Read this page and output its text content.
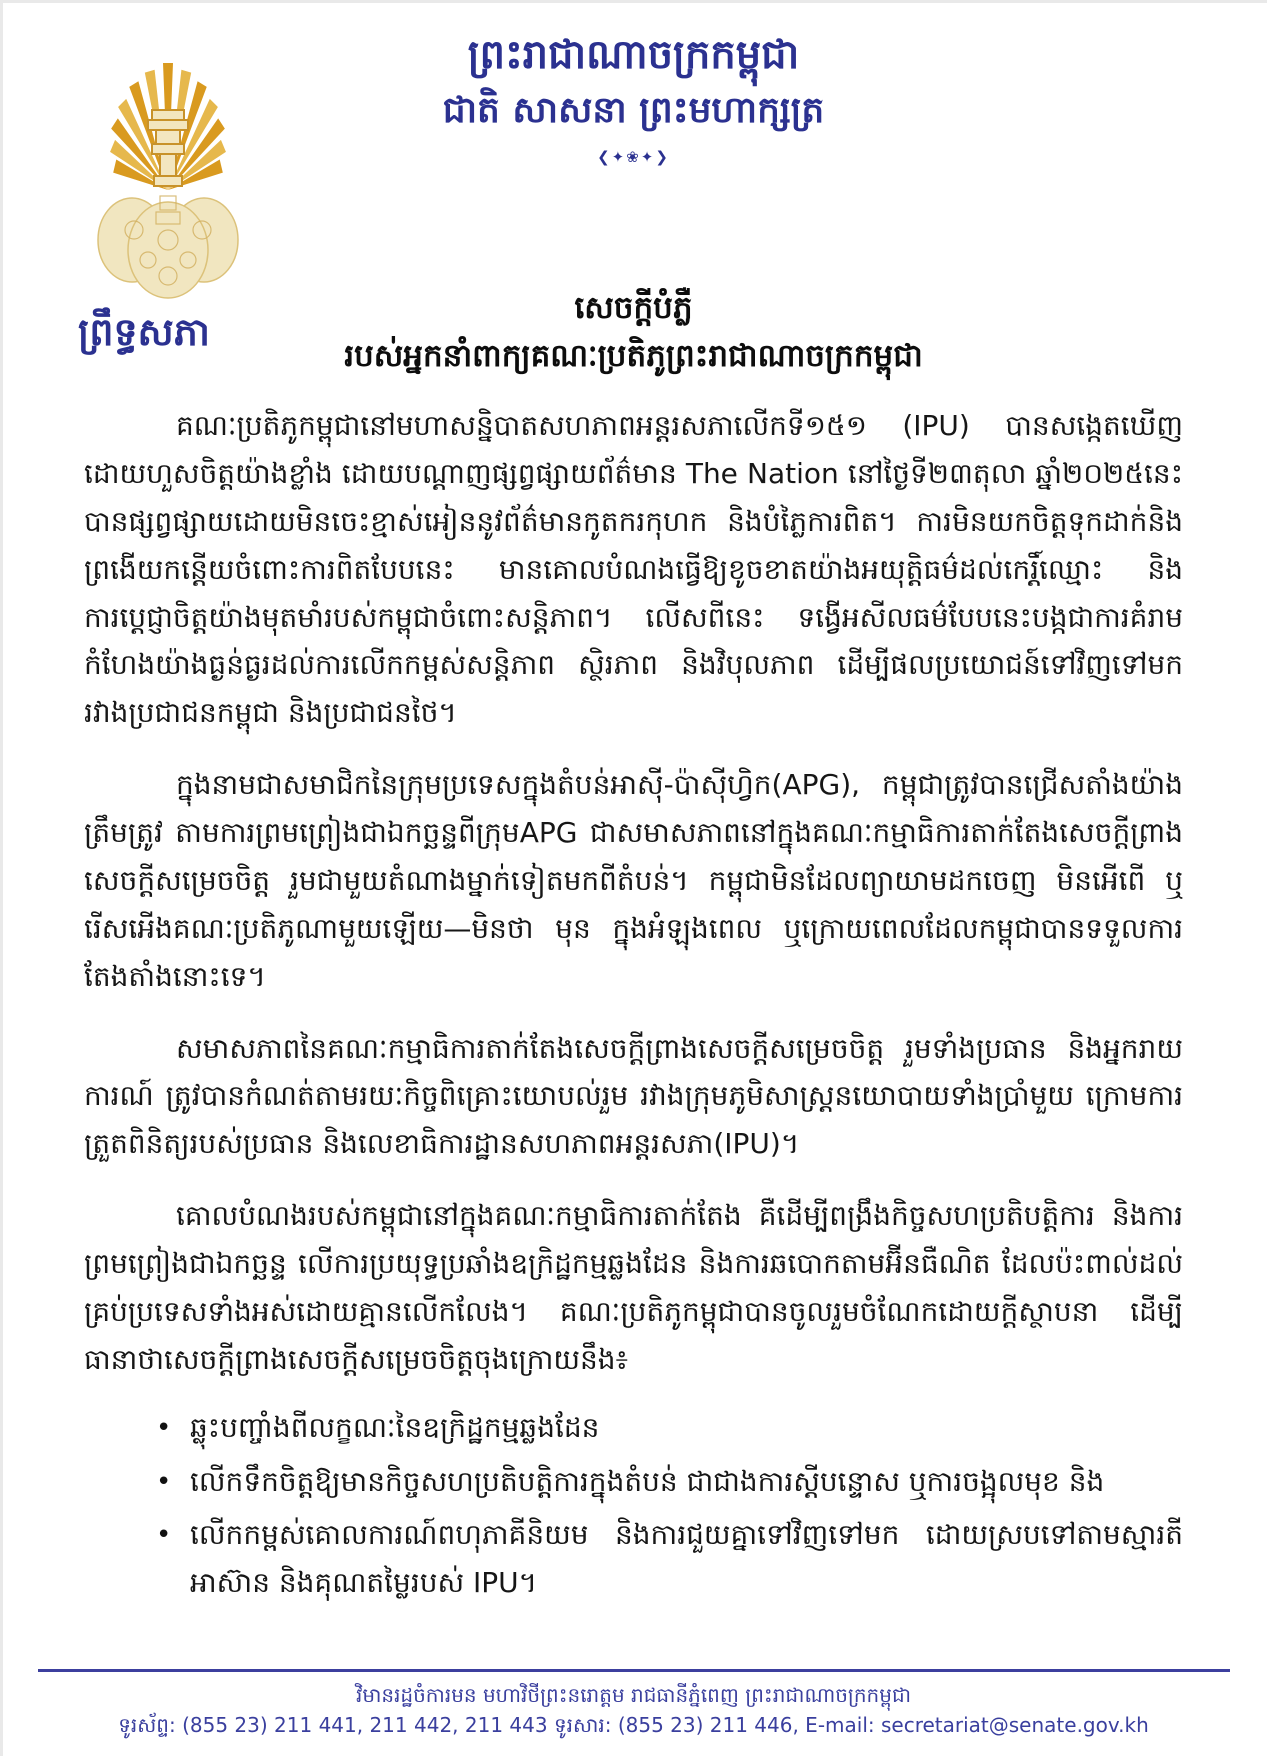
ព្រឹទ្ធសភា
ព្រះរាជាណាចក្រកម្ពុជា
ជាតិ សាសនា ព្រះមហាក្សត្រ
❮✦❀✦❯
សេចក្តីបំភ្លឺ
របស់អ្នកនាំពាក្យគណៈប្រតិភូព្រះរាជាណាចក្រកម្ពុជា

គណៈប្រតិភូកម្ពុជានៅមហាសន្និបាតសហភាពអន្តរសភាលើកទី១៥១ (IPU) បានសង្កេតឃើញដោយហួសចិត្តយ៉ាងខ្លាំង ដោយបណ្តាញផ្សព្វផ្សាយព័ត៌មាន The Nation នៅថ្ងៃទី២៣តុលា ឆ្នាំ២០២៥នេះ បានផ្សព្វផ្សាយដោយមិនចេះខ្មាស់អៀននូវព័ត៌មានកូតករកុហក និងបំភ្លៃការពិត។ ការមិនយកចិត្តទុកដាក់និងព្រងើយកន្តើយចំពោះការពិតបែបនេះ មានគោលបំណងធ្វើឱ្យខូចខាតយ៉ាងអយុត្តិធម៌ដល់កេរ្តិ៍ឈ្មោះ និងការប្តេជ្ញាចិត្តយ៉ាងមុតមាំរបស់កម្ពុជាចំពោះសន្តិភាព។ លើសពីនេះ ទង្វើអសីលធម៌បែបនេះបង្កជាការគំរាមកំហែងយ៉ាងធ្ងន់ធ្ងរដល់ការលើកកម្ពស់សន្តិភាព ស្ថិរភាព និងវិបុលភាព ដើម្បីផលប្រយោជន៍ទៅវិញទៅមករវាងប្រជាជនកម្ពុជា និងប្រជាជនថៃ។

ក្នុងនាមជាសមាជិកនៃក្រុមប្រទេសក្នុងតំបន់អាស៊ី-ប៉ាស៊ីហ្វិក(APG), កម្ពុជាត្រូវបានជ្រើសតាំងយ៉ាងត្រឹមត្រូវ តាមការព្រមព្រៀងជាឯកច្ឆន្ទពីក្រុមAPG ជាសមាសភាពនៅក្នុងគណៈកម្មាធិការតាក់តែងសេចក្តីព្រាងសេចក្តីសម្រេចចិត្ត រួមជាមួយតំណាងម្នាក់ទៀតមកពីតំបន់។ កម្ពុជាមិនដែលព្យាយាមដកចេញ មិនអើពើ ឬរើសអើងគណៈប្រតិភូណាមួយឡើយ—មិនថា មុន ក្នុងអំឡុងពេល ឬក្រោយពេលដែលកម្ពុជាបានទទួលការតែងតាំងនោះទេ។

សមាសភាពនៃគណៈកម្មាធិការតាក់តែងសេចក្តីព្រាងសេចក្តីសម្រេចចិត្ត រួមទាំងប្រធាន និងអ្នករាយការណ៍ ត្រូវបានកំណត់តាមរយៈកិច្ចពិគ្រោះយោបល់រួម រវាងក្រុមភូមិសាស្ត្រនយោបាយទាំងប្រាំមួយ ក្រោមការត្រួតពិនិត្យរបស់ប្រធាន និងលេខាធិការដ្ឋានសហភាពអន្តរសភា(IPU)។

គោលបំណងរបស់កម្ពុជានៅក្នុងគណៈកម្មាធិការតាក់តែង គឺដើម្បីពង្រឹងកិច្ចសហប្រតិបត្តិការ និងការព្រមព្រៀងជាឯកច្ឆន្ទ លើការប្រយុទ្ធប្រឆាំងឧក្រិដ្ឋកម្មឆ្លងដែន និងការឆបោកតាមអ៊ីនធឺណិត ដែលប៉ះពាល់ដល់គ្រប់ប្រទេសទាំងអស់ដោយគ្មានលើកលែង។ គណៈប្រតិភូកម្ពុជាបានចូលរួមចំណែកដោយក្តីស្ថាបនា ដើម្បីធានាថាសេចក្តីព្រាងសេចក្តីសម្រេចចិត្តចុងក្រោយនឹង៖

• ឆ្លុះបញ្ចាំងពីលក្ខណៈនៃឧក្រិដ្ឋកម្មឆ្លងដែន
• លើកទឹកចិត្តឱ្យមានកិច្ចសហប្រតិបត្តិការក្នុងតំបន់ ជាជាងការស្តីបន្ទោស ឬការចង្អុលមុខ និង
• លើកកម្ពស់គោលការណ៍ពហុភាគីនិយម និងការជួយគ្នាទៅវិញទៅមក ដោយស្របទៅតាមស្មារតីអាស៊ាន និងគុណតម្លៃរបស់ IPU។
វិមានរដ្ឋចំការមន មហាវិថីព្រះនរោត្តម រាជធានីភ្នំពេញ ព្រះរាជាណាចក្រកម្ពុជា
ទូរស័ព្ទ: (855 23) 211 441, 211 442, 211 443 ទូរសារ: (855 23) 211 446, E-mail: secretariat@senate.gov.kh
